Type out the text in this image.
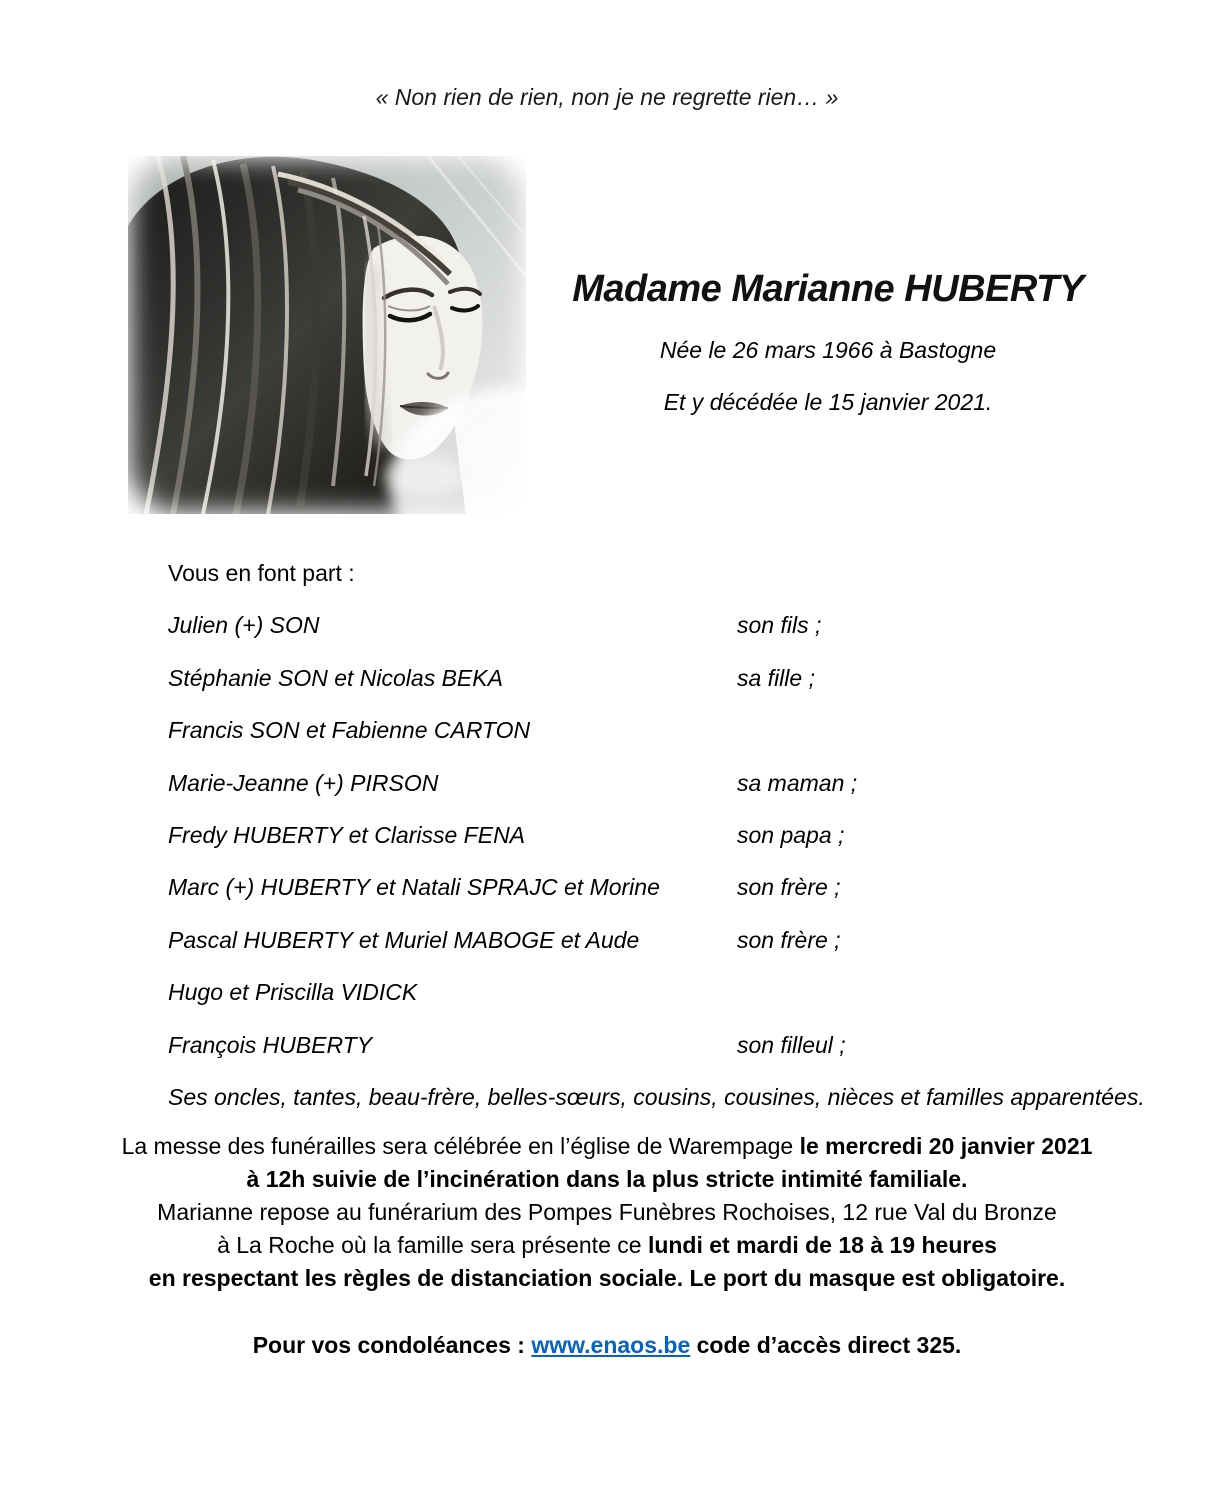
« Non rien de rien, non je ne regrette rien… »

Madame Marianne HUBERTY

Née le 26 mars 1966 à Bastogne

Et y décédée le 15 janvier 2021.

Vous en font part :

Julien (+) SON	son fils ;
Stéphanie SON et Nicolas BEKA	sa fille ;
Francis SON et Fabienne CARTON
Marie-Jeanne (+) PIRSON	sa maman ;
Fredy HUBERTY et Clarisse FENA	son papa ;
Marc (+) HUBERTY et Natali SPRAJC et Morine	son frère ;
Pascal HUBERTY et Muriel MABOGE et Aude	son frère ;
Hugo et Priscilla VIDICK
François HUBERTY	son filleul ;

Ses oncles, tantes, beau-frère, belles-sœurs, cousins, cousines, nièces et familles apparentées.

La messe des funérailles sera célébrée en l’église de Warempage le mercredi 20 janvier 2021
à 12h suivie de l’incinération dans la plus stricte intimité familiale.
Marianne repose au funérarium des Pompes Funèbres Rochoises, 12 rue Val du Bronze
à La Roche où la famille sera présente ce lundi et mardi de 18 à 19 heures
en respectant les règles de distanciation sociale. Le port du masque est obligatoire.

Pour vos condoléances : www.enaos.be code d’accès direct 325.
